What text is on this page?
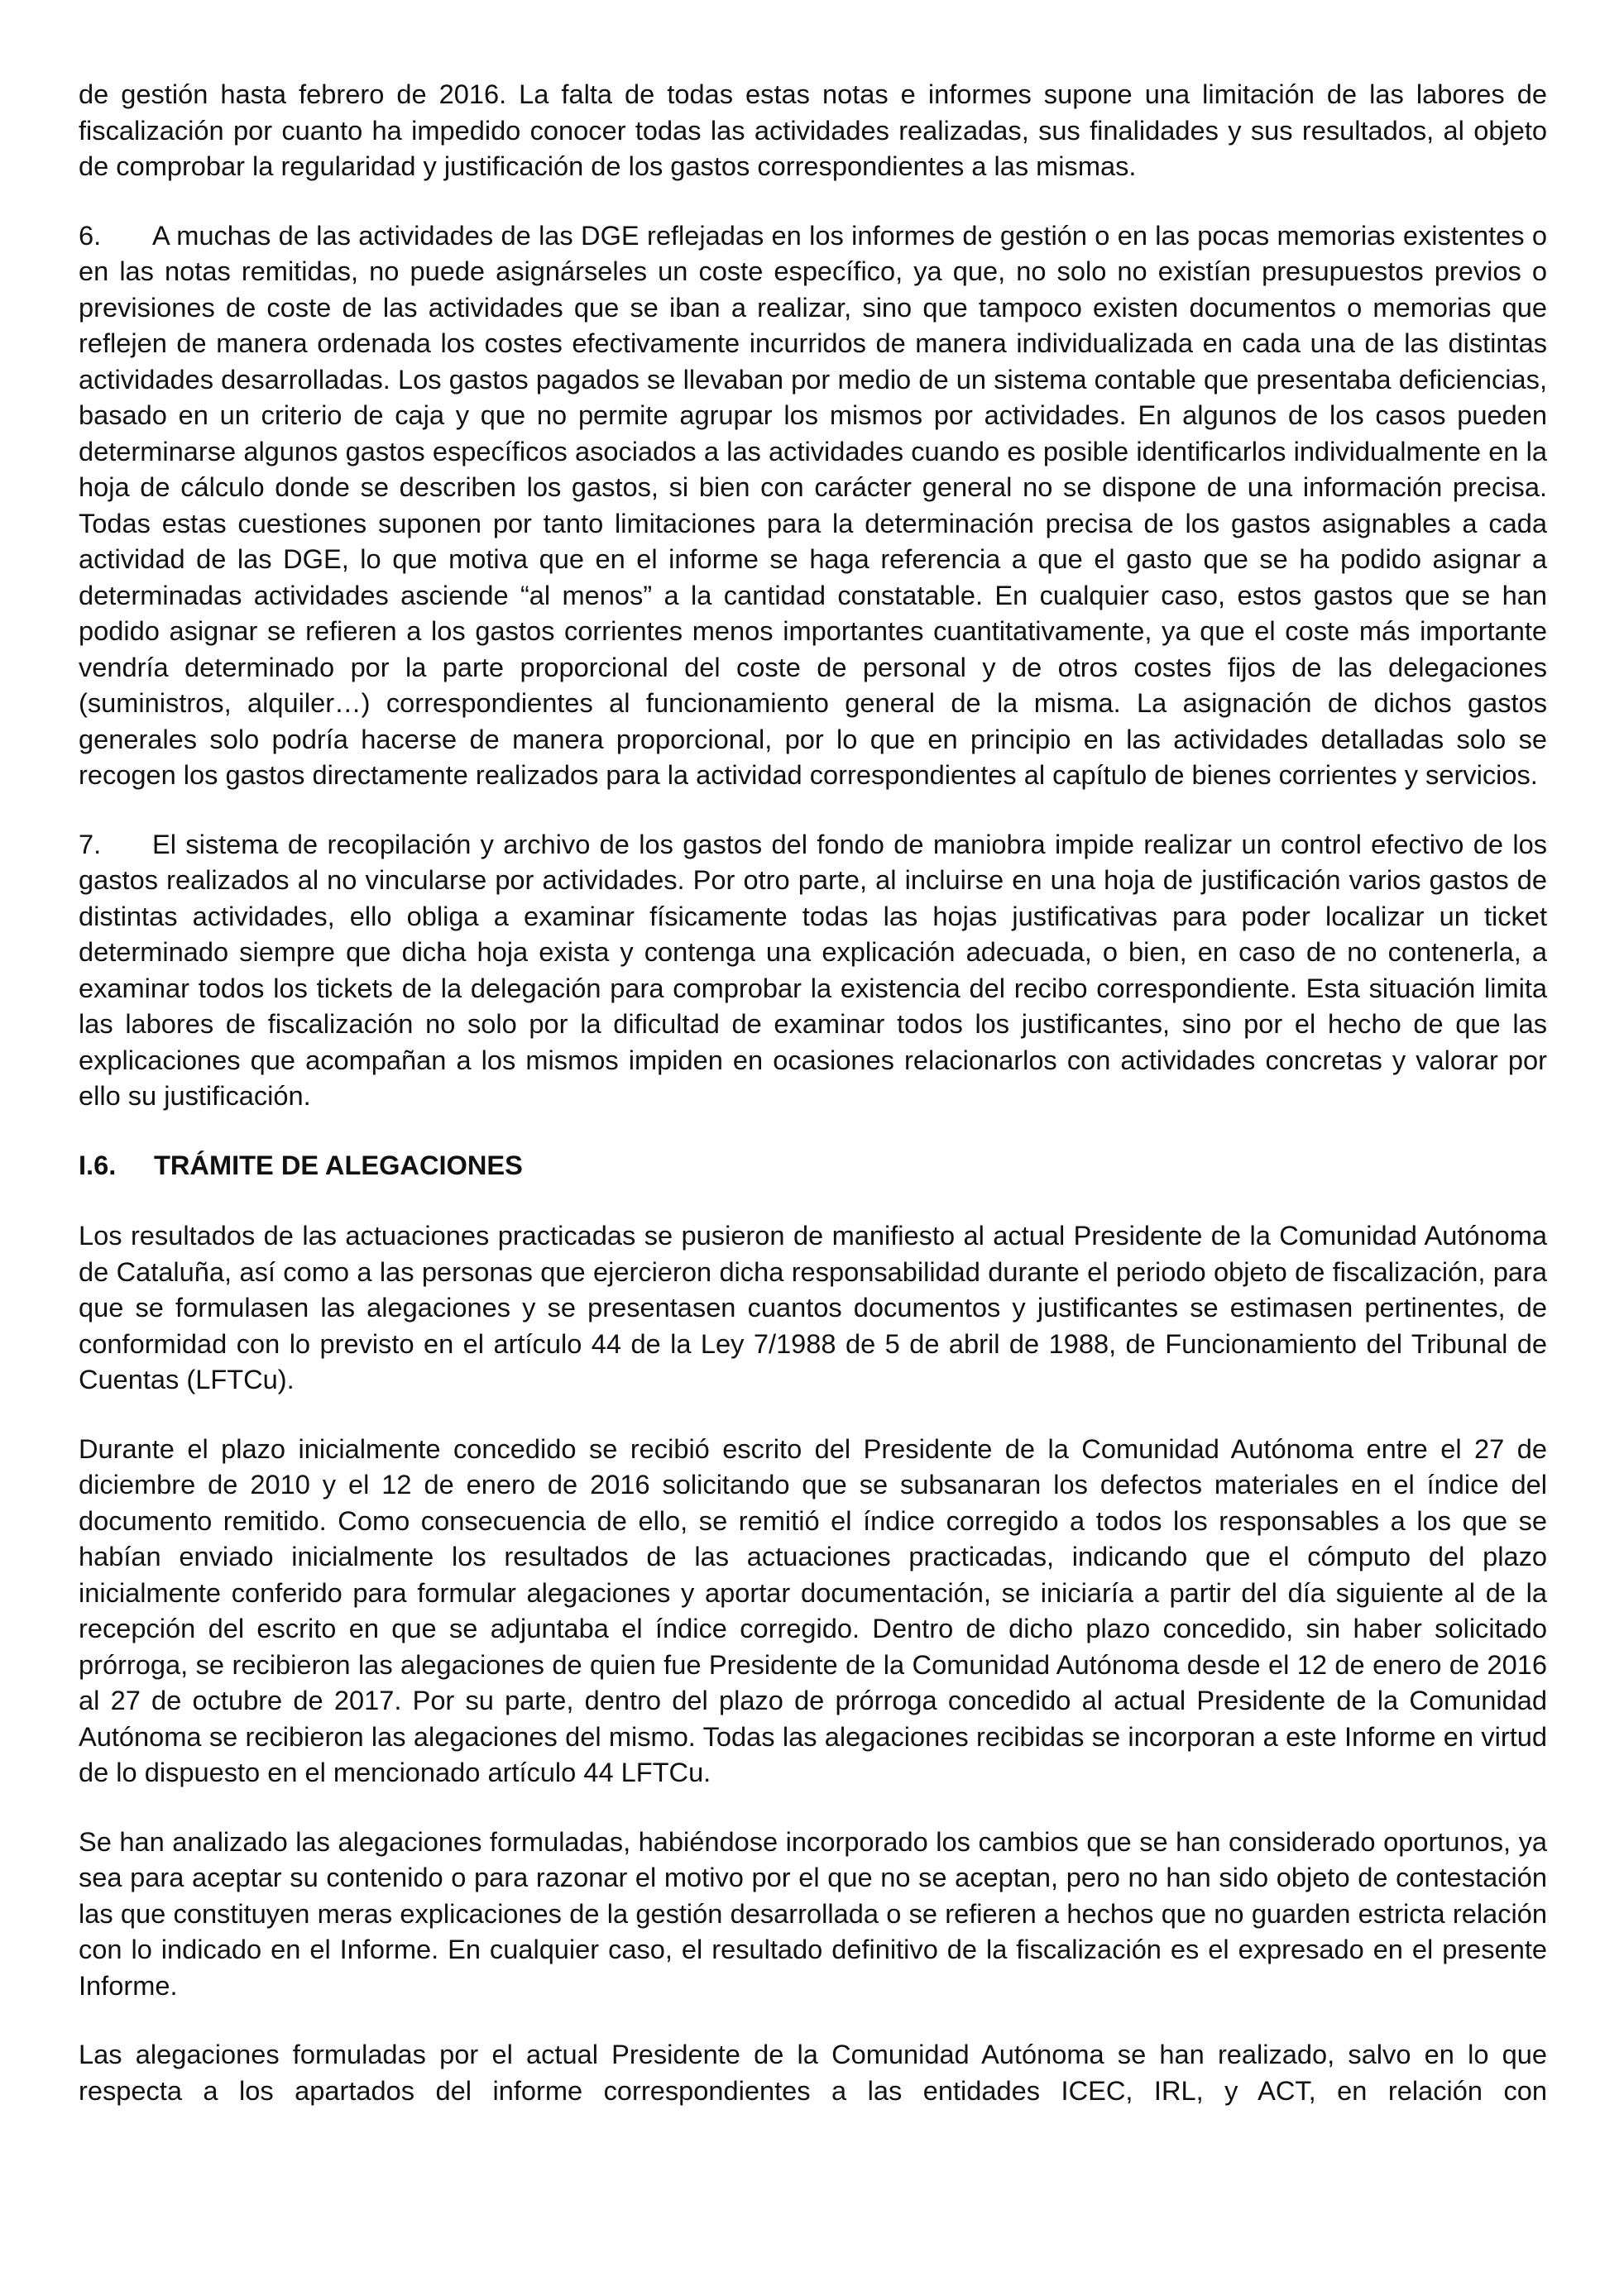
de gestión hasta febrero de 2016. La falta de todas estas notas e informes supone una limitación de las labores de fiscalización por cuanto ha impedido conocer todas las actividades realizadas, sus finalidades y sus resultados, al objeto de comprobar la regularidad y justificación de los gastos correspondientes a las mismas.

6. A muchas de las actividades de las DGE reflejadas en los informes de gestión o en las pocas memorias existentes o en las notas remitidas, no puede asignárseles un coste específico, ya que, no solo no existían presupuestos previos o previsiones de coste de las actividades que se iban a realizar, sino que tampoco existen documentos o memorias que reflejen de manera ordenada los costes efectivamente incurridos de manera individualizada en cada una de las distintas actividades desarrolladas. Los gastos pagados se llevaban por medio de un sistema contable que presentaba deficiencias, basado en un criterio de caja y que no permite agrupar los mismos por actividades. En algunos de los casos pueden determinarse algunos gastos específicos asociados a las actividades cuando es posible identificarlos individualmente en la hoja de cálculo donde se describen los gastos, si bien con carácter general no se dispone de una información precisa. Todas estas cuestiones suponen por tanto limitaciones para la determinación precisa de los gastos asignables a cada actividad de las DGE, lo que motiva que en el informe se haga referencia a que el gasto que se ha podido asignar a determinadas actividades asciende “al menos” a la cantidad constatable. En cualquier caso, estos gastos que se han podido asignar se refieren a los gastos corrientes menos importantes cuantitativamente, ya que el coste más importante vendría determinado por la parte proporcional del coste de personal y de otros costes fijos de las delegaciones (suministros, alquiler…) correspondientes al funcionamiento general de la misma. La asignación de dichos gastos generales solo podría hacerse de manera proporcional, por lo que en principio en las actividades detalladas solo se recogen los gastos directamente realizados para la actividad correspondientes al capítulo de bienes corrientes y servicios.

7. El sistema de recopilación y archivo de los gastos del fondo de maniobra impide realizar un control efectivo de los gastos realizados al no vincularse por actividades. Por otro parte, al incluirse en una hoja de justificación varios gastos de distintas actividades, ello obliga a examinar físicamente todas las hojas justificativas para poder localizar un ticket determinado siempre que dicha hoja exista y contenga una explicación adecuada, o bien, en caso de no contenerla, a examinar todos los tickets de la delegación para comprobar la existencia del recibo correspondiente. Esta situación limita las labores de fiscalización no solo por la dificultad de examinar todos los justificantes, sino por el hecho de que las explicaciones que acompañan a los mismos impiden en ocasiones relacionarlos con actividades concretas y valorar por ello su justificación.

I.6. TRÁMITE DE ALEGACIONES

Los resultados de las actuaciones practicadas se pusieron de manifiesto al actual Presidente de la Comunidad Autónoma de Cataluña, así como a las personas que ejercieron dicha responsabilidad durante el periodo objeto de fiscalización, para que se formulasen las alegaciones y se presentasen cuantos documentos y justificantes se estimasen pertinentes, de conformidad con lo previsto en el artículo 44 de la Ley 7/1988 de 5 de abril de 1988, de Funcionamiento del Tribunal de Cuentas (LFTCu).

Durante el plazo inicialmente concedido se recibió escrito del Presidente de la Comunidad Autónoma entre el 27 de diciembre de 2010 y el 12 de enero de 2016 solicitando que se subsanaran los defectos materiales en el índice del documento remitido. Como consecuencia de ello, se remitió el índice corregido a todos los responsables a los que se habían enviado inicialmente los resultados de las actuaciones practicadas, indicando que el cómputo del plazo inicialmente conferido para formular alegaciones y aportar documentación, se iniciaría a partir del día siguiente al de la recepción del escrito en que se adjuntaba el índice corregido. Dentro de dicho plazo concedido, sin haber solicitado prórroga, se recibieron las alegaciones de quien fue Presidente de la Comunidad Autónoma desde el 12 de enero de 2016 al 27 de octubre de 2017. Por su parte, dentro del plazo de prórroga concedido al actual Presidente de la Comunidad Autónoma se recibieron las alegaciones del mismo. Todas las alegaciones recibidas se incorporan a este Informe en virtud de lo dispuesto en el mencionado artículo 44 LFTCu.

Se han analizado las alegaciones formuladas, habiéndose incorporado los cambios que se han considerado oportunos, ya sea para aceptar su contenido o para razonar el motivo por el que no se aceptan, pero no han sido objeto de contestación las que constituyen meras explicaciones de la gestión desarrollada o se refieren a hechos que no guarden estricta relación con lo indicado en el Informe. En cualquier caso, el resultado definitivo de la fiscalización es el expresado en el presente Informe.

Las alegaciones formuladas por el actual Presidente de la Comunidad Autónoma se han realizado, salvo en lo que respecta a los apartados del informe correspondientes a las entidades ICEC, IRL, y ACT, en relación con
